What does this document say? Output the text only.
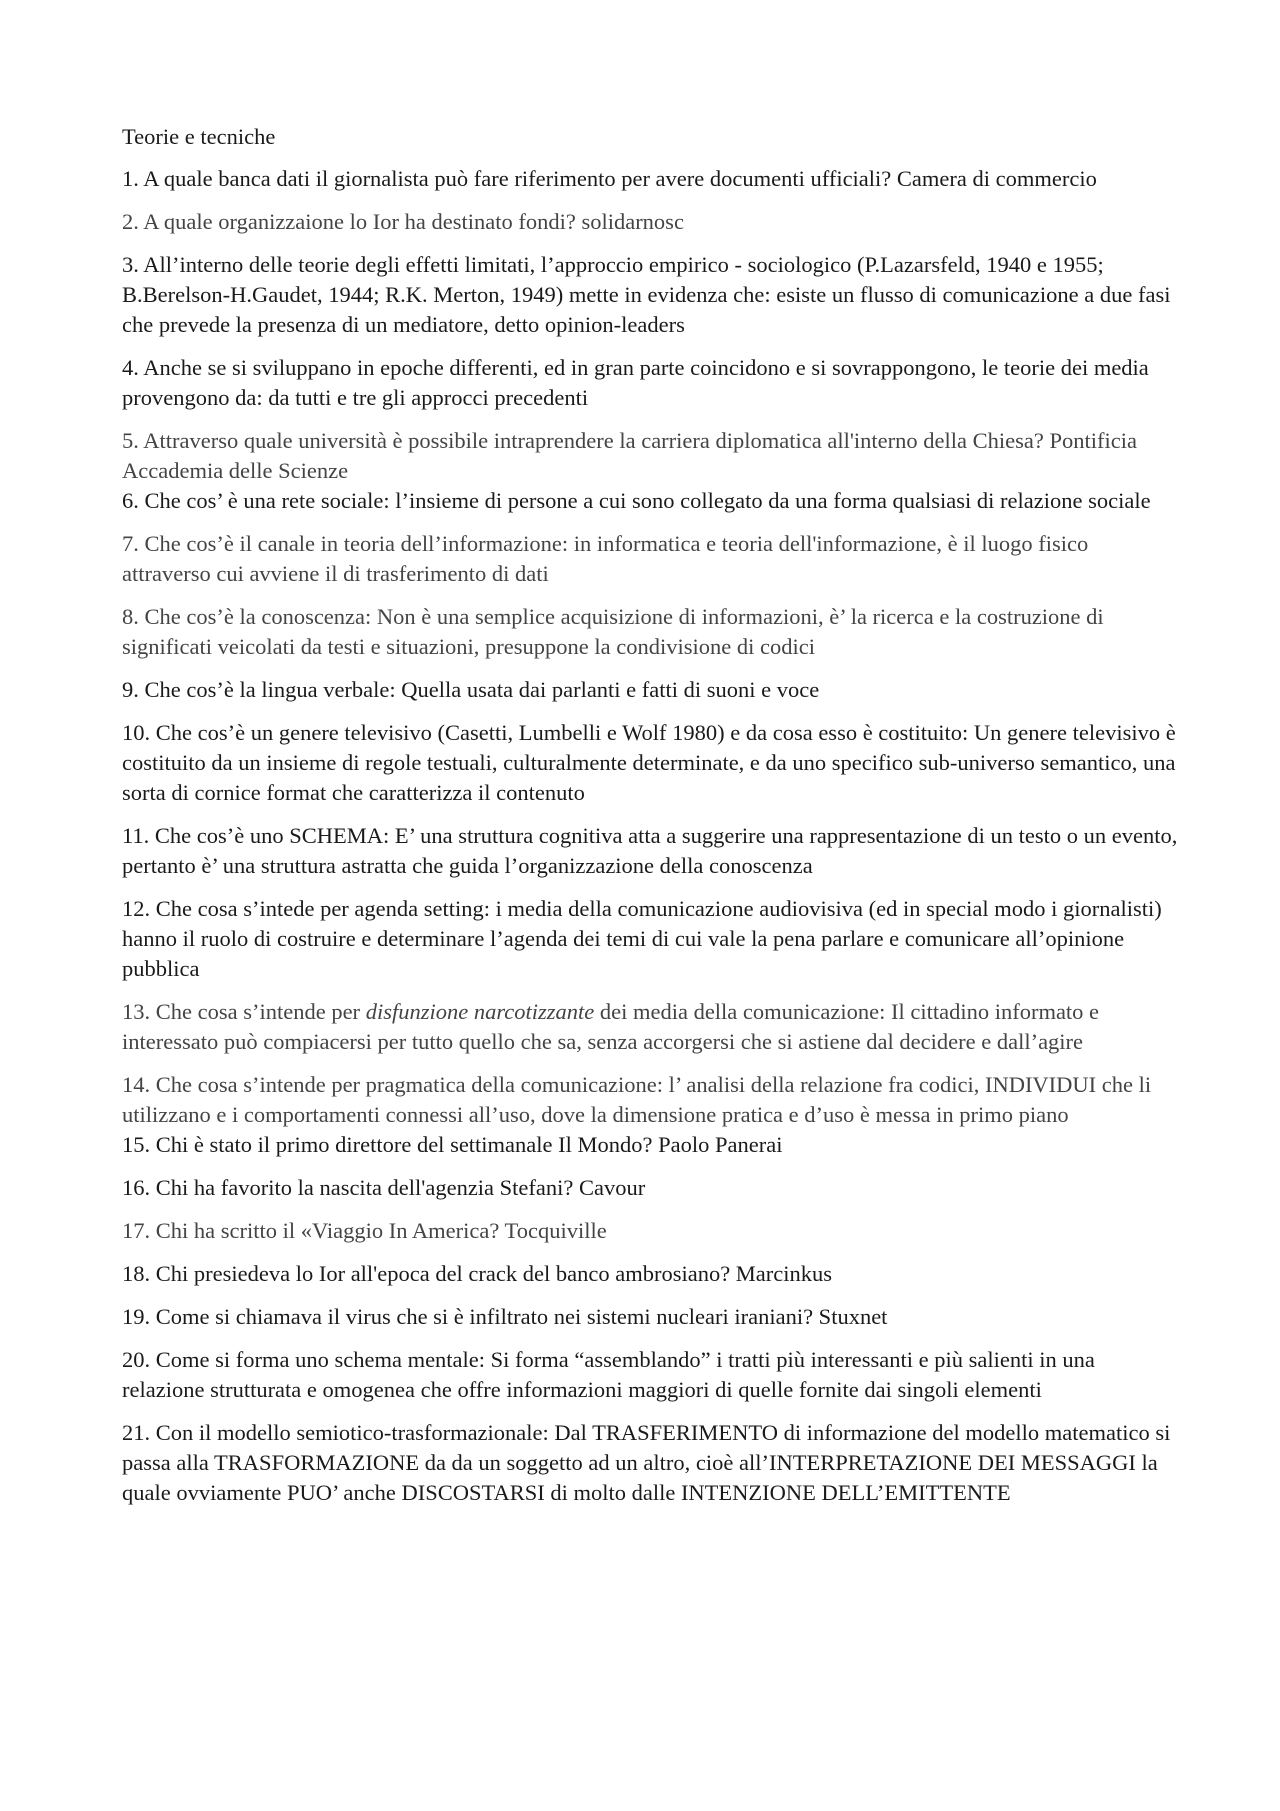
Teorie e tecniche
1. A quale banca dati il giornalista può fare riferimento per avere documenti ufficiali? Camera di commercio
2. A quale organizzaione lo Ior ha destinato fondi? solidarnosc
3. All’interno delle teorie degli effetti limitati, l’approccio empirico - sociologico (P.Lazarsfeld, 1940 e 1955; B.Berelson-H.Gaudet, 1944; R.K. Merton, 1949) mette in evidenza che: esiste un flusso di comunicazione a due fasi che prevede la presenza di un mediatore, detto opinion-leaders
4. Anche se si sviluppano in epoche differenti, ed in gran parte coincidono e si sovrappongono, le teorie dei media provengono da: da tutti e tre gli approcci precedenti
5. Attraverso quale università è possibile intraprendere la carriera diplomatica all'interno della Chiesa? Pontificia Accademia delle Scienze
6. Che cos’ è una rete sociale: l’insieme di persone a cui sono collegato da una forma qualsiasi di relazione sociale
7. Che cos’è il canale in teoria dell’informazione: in informatica e teoria dell'informazione, è il luogo fisico attraverso cui avviene il di trasferimento di dati
8. Che cos’è la conoscenza: Non è una semplice acquisizione di informazioni, è’ la ricerca e la costruzione di significati veicolati da testi e situazioni, presuppone la condivisione di codici
9. Che cos’è la lingua verbale: Quella usata dai parlanti e fatti di suoni e voce
10. Che cos’è un genere televisivo (Casetti, Lumbelli e Wolf 1980) e da cosa esso è costituito: Un genere televisivo è costituito da un insieme di regole testuali, culturalmente determinate, e da uno specifico sub-universo semantico, una sorta di cornice format che caratterizza il contenuto
11. Che cos’è uno SCHEMA: E’ una struttura cognitiva atta a suggerire una rappresentazione di un testo o un evento, pertanto è’ una struttura astratta che guida l’organizzazione della conoscenza
12. Che cosa s’intede per agenda setting: i media della comunicazione audiovisiva (ed in special modo i giornalisti) hanno il ruolo di costruire e determinare l’agenda dei temi di cui vale la pena parlare e comunicare all’opinione pubblica
13. Che cosa s’intende per disfunzione narcotizzante dei media della comunicazione: Il cittadino informato e interessato può compiacersi per tutto quello che sa, senza accorgersi che si astiene dal decidere e dall’agire
14. Che cosa s’intende per pragmatica della comunicazione: l’ analisi della relazione fra codici, INDIVIDUI che li utilizzano e i comportamenti connessi all’uso, dove la dimensione pratica e d’uso è messa in primo piano
15. Chi è stato il primo direttore del settimanale Il Mondo? Paolo Panerai
16. Chi ha favorito la nascita dell'agenzia Stefani? Cavour
17. Chi ha scritto il «Viaggio In America? Tocquiville
18. Chi presiedeva lo Ior all'epoca del crack del banco ambrosiano? Marcinkus
19. Come si chiamava il virus che si è infiltrato nei sistemi nucleari iraniani? Stuxnet
20. Come si forma uno schema mentale: Si forma “assemblando” i tratti più interessanti e più salienti in una relazione strutturata e omogenea che offre informazioni maggiori di quelle fornite dai singoli elementi
21. Con il modello semiotico-trasformazionale: Dal TRASFERIMENTO di informazione del modello matematico si passa alla TRASFORMAZIONE da da un soggetto ad un altro, cioè all’INTERPRETAZIONE DEI MESSAGGI la quale ovviamente PUO’ anche DISCOSTARSI di molto dalle INTENZIONE DELL’EMITTENTE
